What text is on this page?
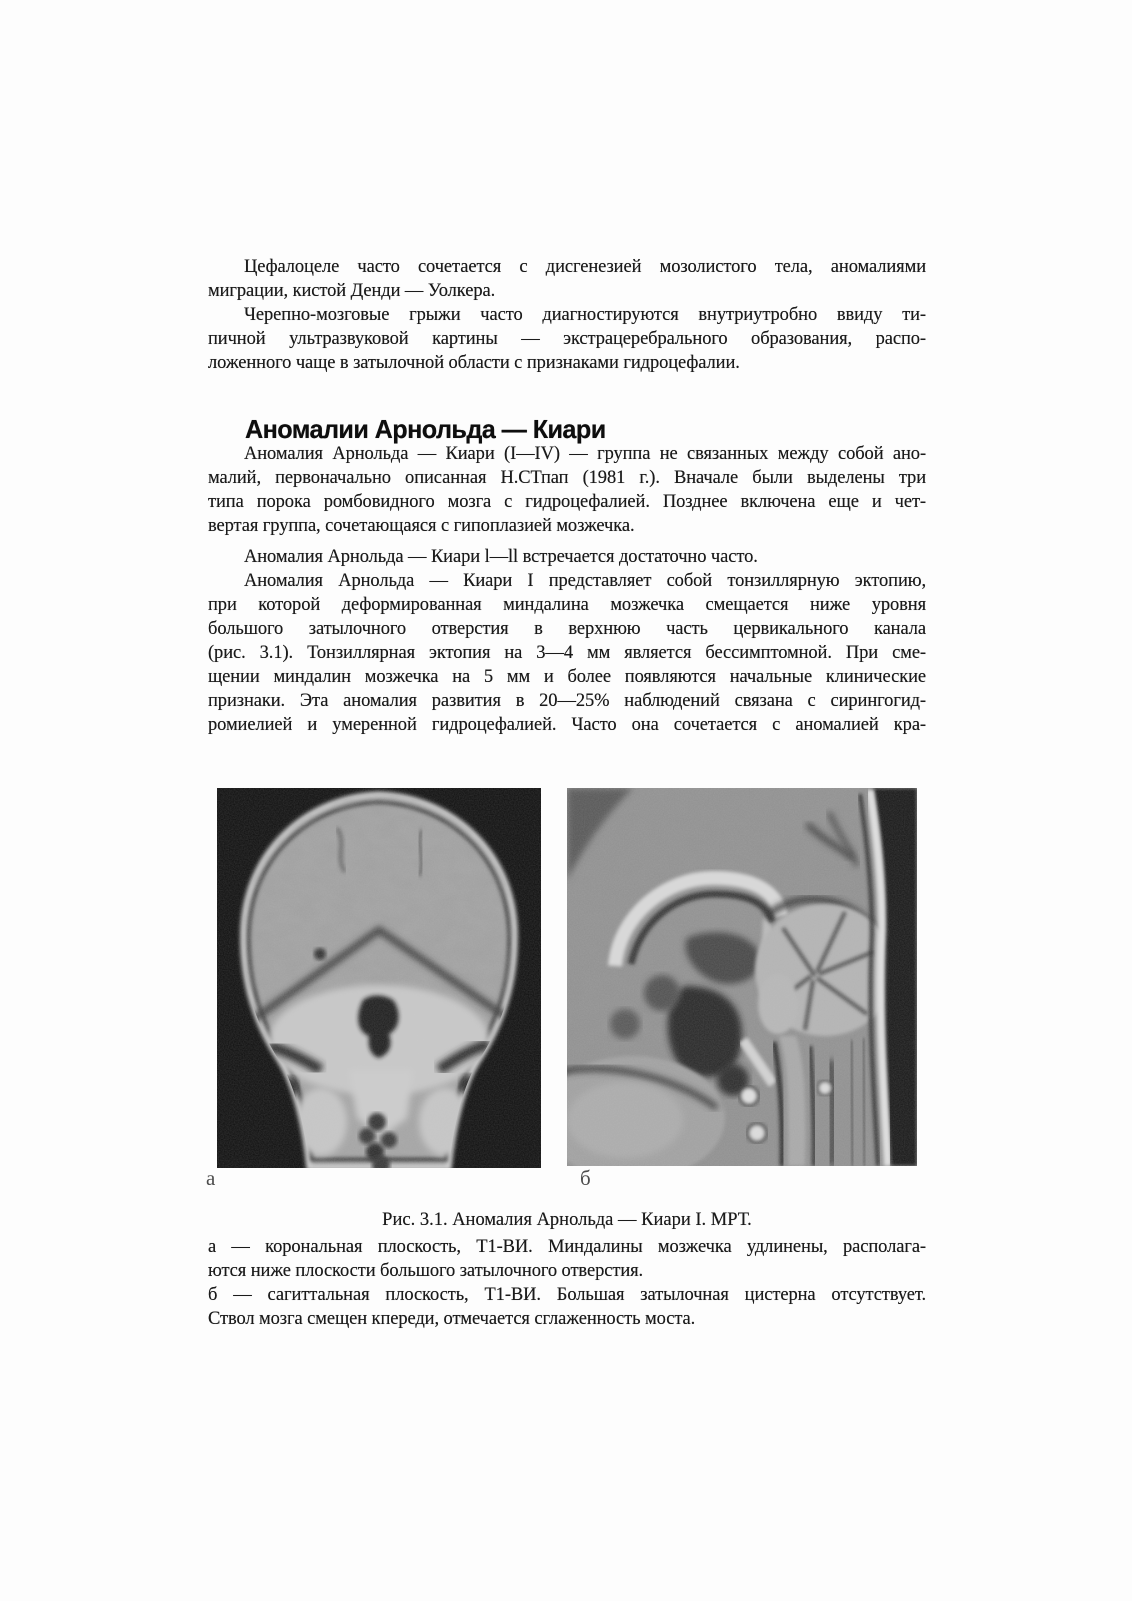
Цефалоцеле часто сочетается с дисгенезией мозолистого тела, аномалиями
миграции, кистой Денди — Уолкера.
Черепно-мозговые грыжи часто диагностируются внутриутробно ввиду ти-
пичной ультразвуковой картины — экстрацеребрального образования, распо-
ложенного чаще в затылочной области с признаками гидроцефалии.
Аномалии Арнольда — Киари
Аномалия Арнольда — Киари (I—IV) — группа не связанных между собой ано-
малий, первоначально описанная Н.СТпап (1981 г.). Вначале были выделены три
типа порока ромбовидного мозга с гидроцефалией. Позднее включена еще и чет-
вертая группа, сочетающаяся с гипоплазией мозжечка.
Аномалия Арнольда — Киари l—ll встречается достаточно часто.
Аномалия Арнольда — Киари I представляет собой тонзиллярную эктопию,
при которой деформированная миндалина мозжечка смещается ниже уровня
большого затылочного отверстия в верхнюю часть цервикального канала
(рис. 3.1). Тонзиллярная эктопия на 3—4 мм является бессимптомной. При сме-
щении миндалин мозжечка на 5 мм и более появляются начальные клинические
признаки. Эта аномалия развития в 20—25% наблюдений связана с сирингогид-
ромиелией и умеренной гидроцефалией. Часто она сочетается с аномалией кра-
а	б
Рис. 3.1. Аномалия Арнольда — Киари I. МРТ.
а — корональная плоскость, Т1-ВИ. Миндалины мозжечка удлинены, располага-
ются ниже плоскости большого затылочного отверстия.
б — сагиттальная плоскость, Т1-ВИ. Большая затылочная цистерна отсутствует.
Ствол мозга смещен кпереди, отмечается сглаженность моста.
